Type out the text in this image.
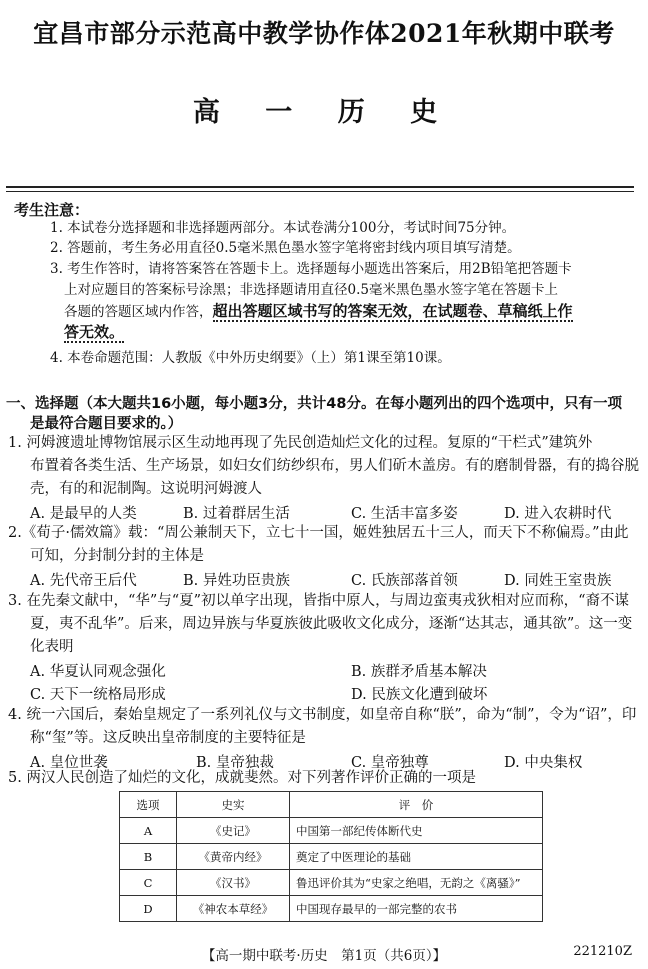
宜昌市部分示范高中教学协作体2021年秋期中联考
高 一 历 史
考生注意：
1. 本试卷分选择题和非选择题两部分。本试卷满分100分，考试时间75分钟。
2. 答题前，考生务必用直径0.5毫米黑色墨水签字笔将密封线内项目填写清楚。
3. 考生作答时，请将答案答在答题卡上。选择题每小题选出答案后，用2B铅笔把答题卡
上对应题目的答案标号涂黑；非选择题请用直径0.5毫米黑色墨水签字笔在答题卡上
各题的答题区域内作答，超出答题区域书写的答案无效，在试题卷、草稿纸上作
答无效。
4. 本卷命题范围：人教版《中外历史纲要》（上）第1课至第10课。
一、选择题（本大题共16小题，每小题3分，共计48分。在每小题列出的四个选项中，只有一项
是最符合题目要求的。）
1. 河姆渡遗址博物馆展示区生动地再现了先民创造灿烂文化的过程。复原的“干栏式”建筑外
布置着各类生活、生产场景，如妇女们纺纱织布，男人们斫木盖房。有的磨制骨器，有的捣谷脱
壳，有的和泥制陶。这说明河姆渡人
A. 是最早的人类	B. 过着群居生活	C. 生活丰富多姿	D. 进入农耕时代
2.《荀子·儒效篇》载：“周公兼制天下，立七十一国，姬姓独居五十三人，而天下不称偏焉。”由此
可知，分封制分封的主体是
A. 先代帝王后代	B. 异姓功臣贵族	C. 氏族部落首领	D. 同姓王室贵族
3. 在先秦文献中，“华”与“夏”初以单字出现，皆指中原人，与周边蛮夷戎狄相对应而称，“裔不谋
夏，夷不乱华”。后来，周边异族与华夏族彼此吸收文化成分，逐渐“达其志，通其欲”。这一变
化表明
A. 华夏认同观念强化	B. 族群矛盾基本解决
C. 天下一统格局形成	D. 民族文化遭到破坏
4. 统一六国后，秦始皇规定了一系列礼仪与文书制度，如皇帝自称“朕”，命为“制”，令为“诏”，印
称“玺”等。这反映出皇帝制度的主要特征是
A. 皇位世袭	B. 皇帝独裁	C. 皇帝独尊	D. 中央集权
5. 两汉人民创造了灿烂的文化，成就斐然。对下列著作评价正确的一项是
选项	史实	评　价
A	《史记》	中国第一部纪传体断代史
B	《黄帝内经》	奠定了中医理论的基础
C	《汉书》	鲁迅评价其为“史家之绝唱，无韵之《离骚》”
D	《神农本草经》	中国现存最早的一部完整的农书
【高一期中联考·历史　第1页（共6页）】	221210Z
